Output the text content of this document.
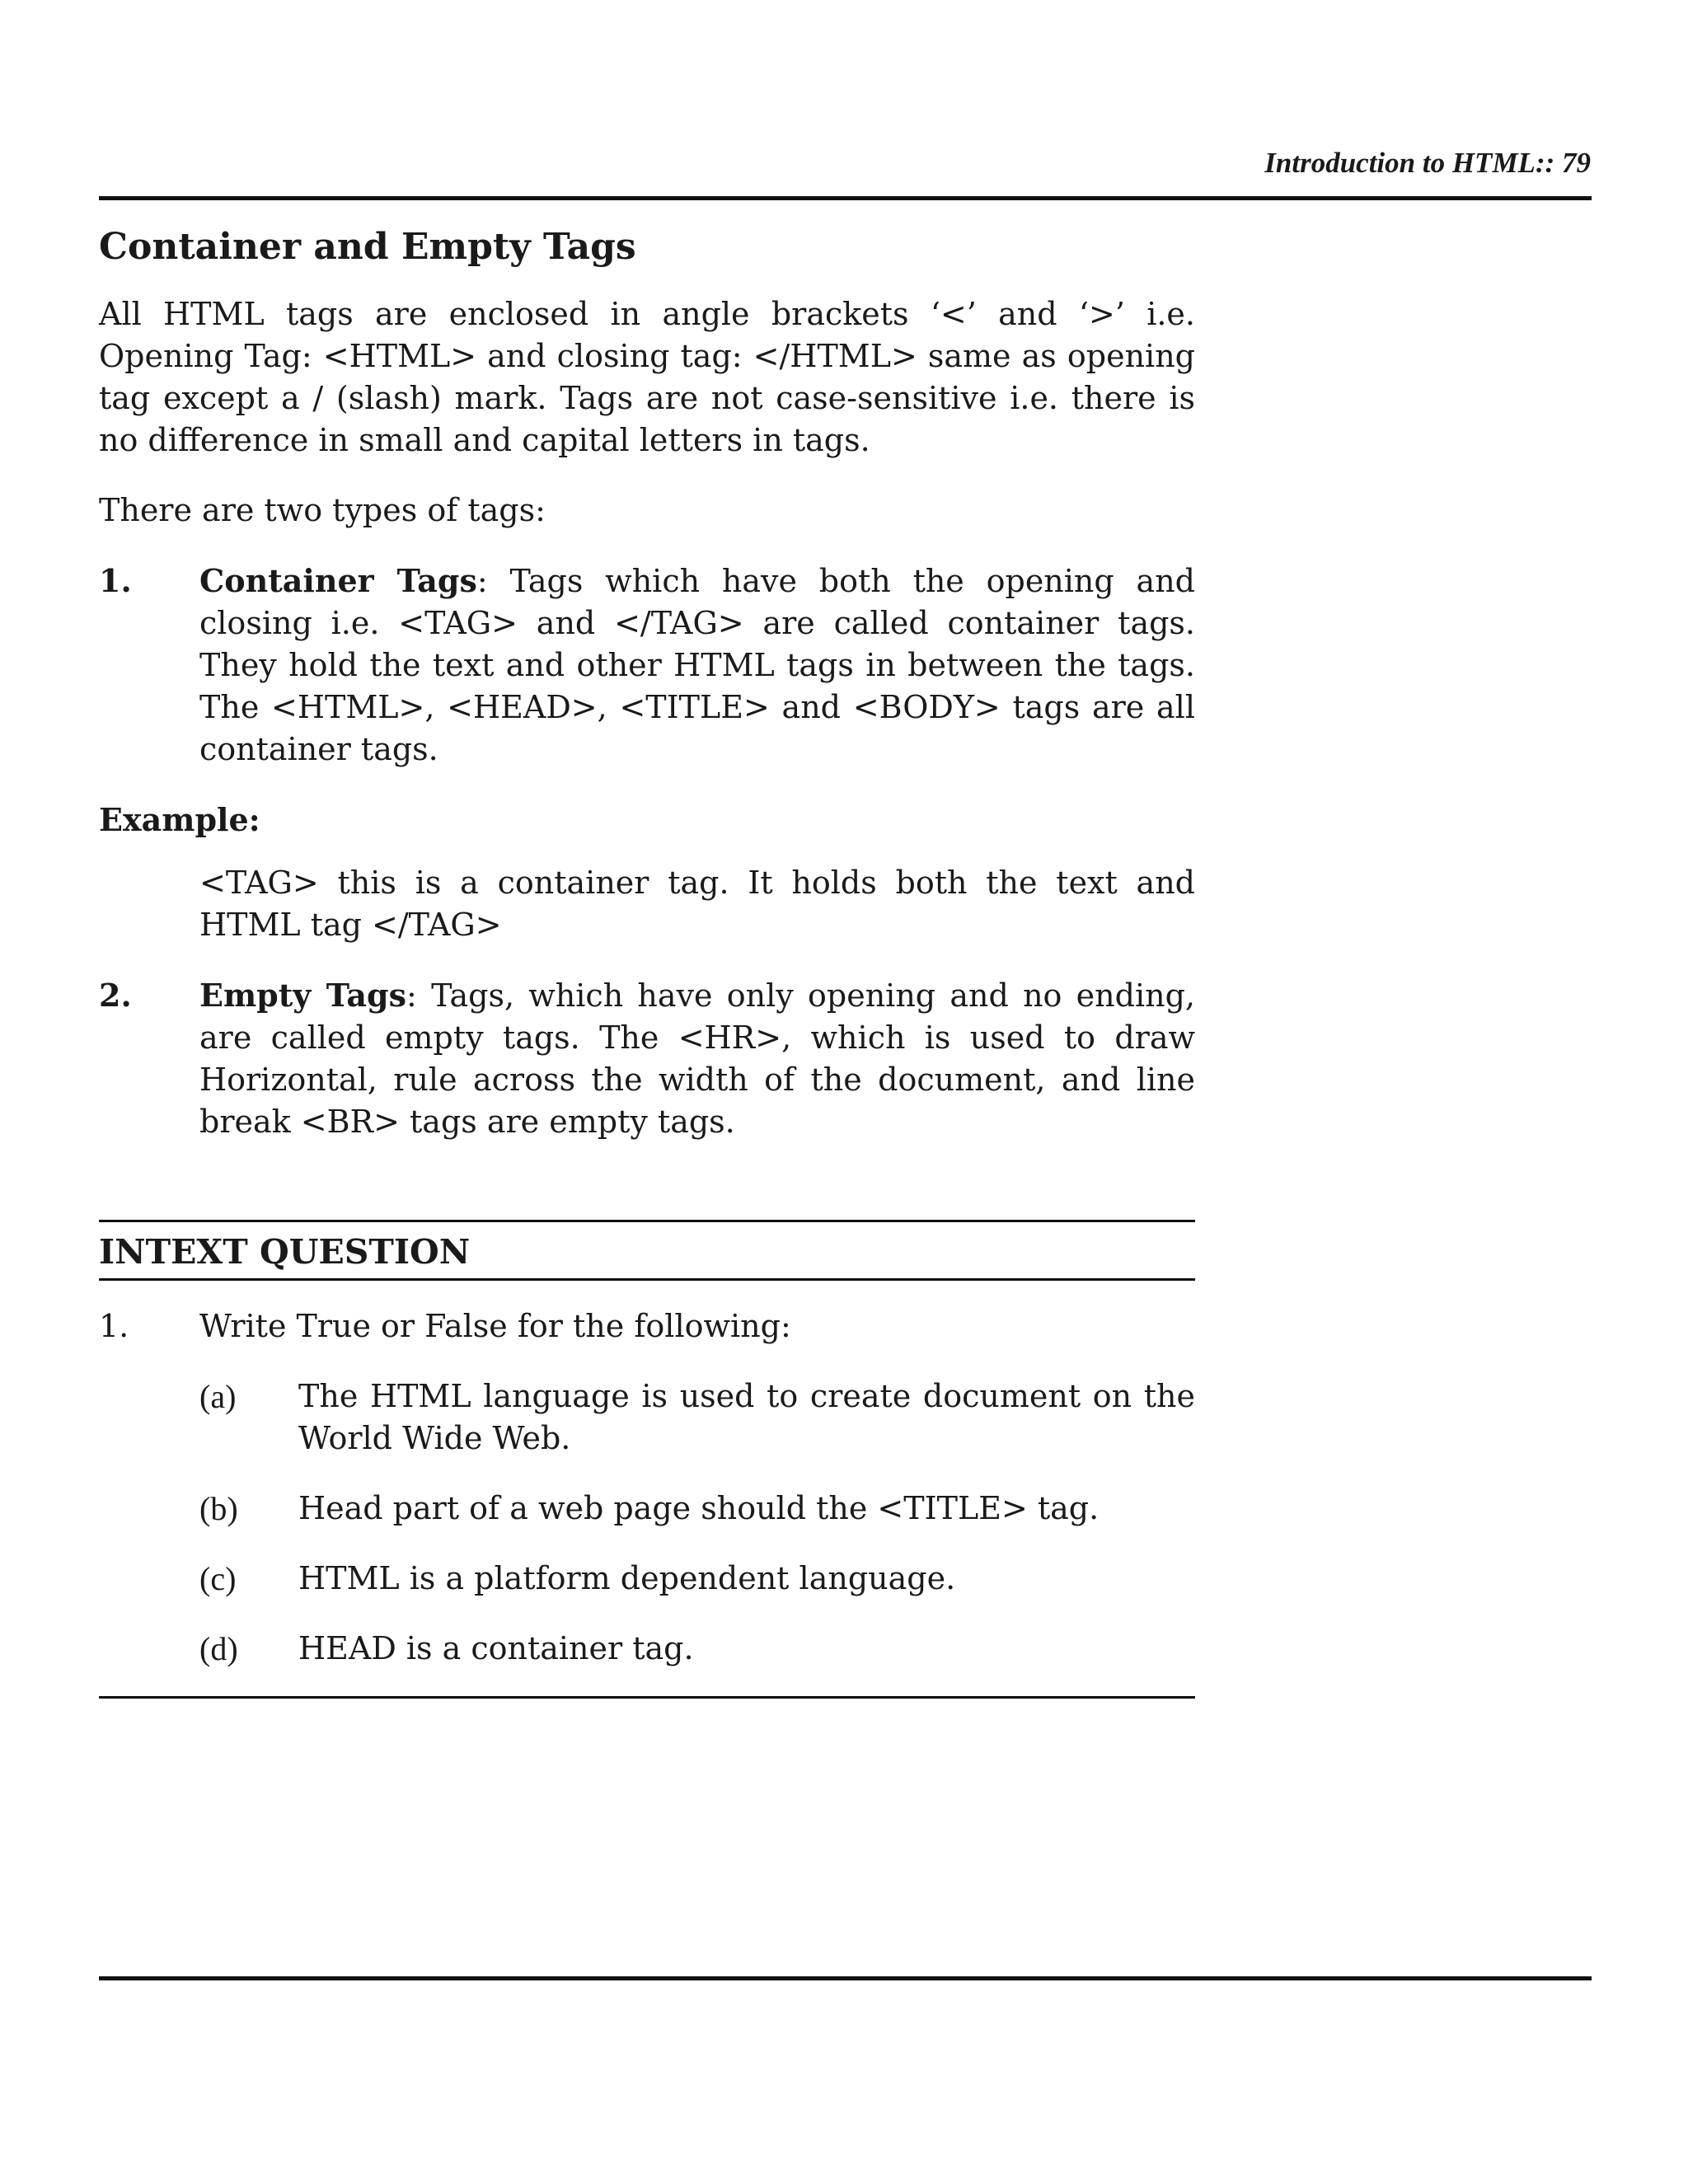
Introduction to HTML:: 79
Container and Empty Tags

All HTML tags are enclosed in angle brackets ‘<’ and ‘>’ i.e. Opening Tag: <HTML> and closing tag: </HTML> same as opening tag except a / (slash) mark. Tags are not case-sensitive i.e. there is no difference in small and capital letters in tags.

There are two types of tags:

1.	Container Tags: Tags which have both the opening and closing i.e. <TAG> and </TAG> are called container tags. They hold the text and other HTML tags in between the tags. The <HTML>, <HEAD>, <TITLE> and <BODY> tags are all container tags.
Example:

<TAG> this is a container tag. It holds both the text and HTML tag </TAG>

2.	Empty Tags: Tags, which have only opening and no ending, are called empty tags. The <HR>, which is used to draw Horizontal, rule across the width of the document, and line break <BR> tags are empty tags.
INTEXT QUESTION
1.	Write True or False for the following:
(a)	The HTML language is used to create document on the World Wide Web.
(b)	Head part of a web page should the <TITLE> tag.
(c)	HTML is a platform dependent language.
(d)	HEAD is a container tag.
